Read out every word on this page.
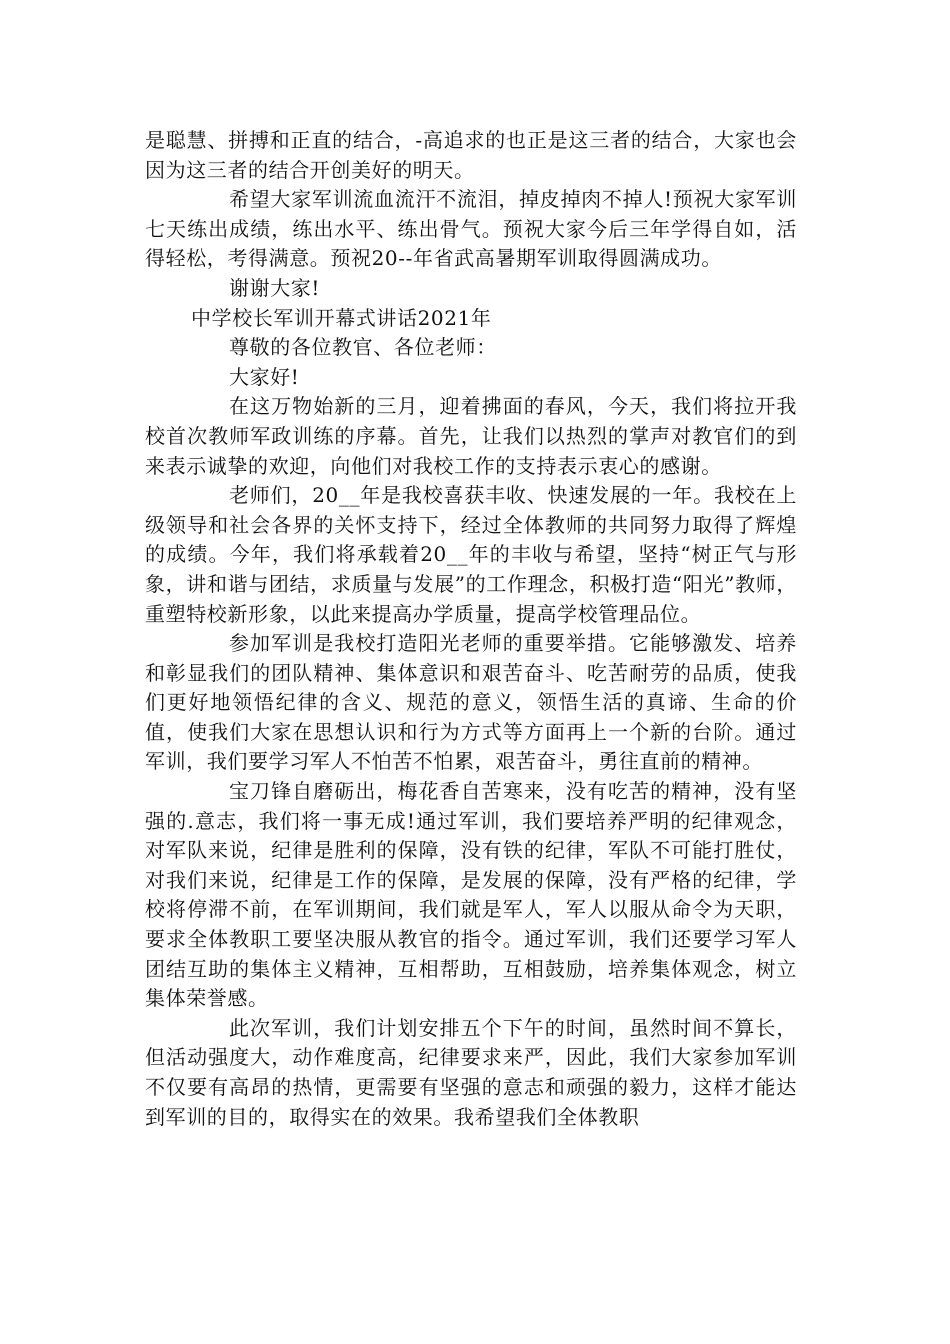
是聪慧、拼搏和正直的结合，-高追求的也正是这三者的结合，大家也会因为这三者的结合开创美好的明天。

希望大家军训流血流汗不流泪，掉皮掉肉不掉人!预祝大家军训七天练出成绩，练出水平、练出骨气。预祝大家今后三年学得自如，活得轻松，考得满意。预祝20--年省武高暑期军训取得圆满成功。

谢谢大家!

中学校长军训开幕式讲话2021年

尊敬的各位教官、各位老师：

大家好!

在这万物始新的三月，迎着拂面的春风，今天，我们将拉开我校首次教师军政训练的序幕。首先，让我们以热烈的掌声对教官们的到来表示诚挚的欢迎，向他们对我校工作的支持表示衷心的感谢。

老师们，20__年是我校喜获丰收、快速发展的一年。我校在上级领导和社会各界的关怀支持下，经过全体教师的共同努力取得了辉煌的成绩。今年，我们将承载着20__年的丰收与希望，坚持“树正气与形象，讲和谐与团结，求质量与发展”的工作理念，积极打造“阳光”教师，重塑特校新形象，以此来提高办学质量，提高学校管理品位。

参加军训是我校打造阳光老师的重要举措。它能够激发、培养和彰显我们的团队精神、集体意识和艰苦奋斗、吃苦耐劳的品质，使我们更好地领悟纪律的含义、规范的意义，领悟生活的真谛、生命的价值，使我们大家在思想认识和行为方式等方面再上一个新的台阶。通过军训，我们要学习军人不怕苦不怕累，艰苦奋斗，勇往直前的精神。

宝刀锋自磨砺出，梅花香自苦寒来，没有吃苦的精神，没有坚强的.意志，我们将一事无成!通过军训，我们要培养严明的纪律观念，对军队来说，纪律是胜利的保障，没有铁的纪律，军队不可能打胜仗，对我们来说，纪律是工作的保障，是发展的保障，没有严格的纪律，学校将停滞不前，在军训期间，我们就是军人，军人以服从命令为天职，要求全体教职工要坚决服从教官的指令。通过军训，我们还要学习军人团结互助的集体主义精神，互相帮助，互相鼓励，培养集体观念，树立集体荣誉感。

此次军训，我们计划安排五个下午的时间，虽然时间不算长，但活动强度大，动作难度高，纪律要求来严，因此，我们大家参加军训不仅要有高昂的热情，更需要有坚强的意志和顽强的毅力，这样才能达到军训的目的，取得实在的效果。我希望我们全体教职
